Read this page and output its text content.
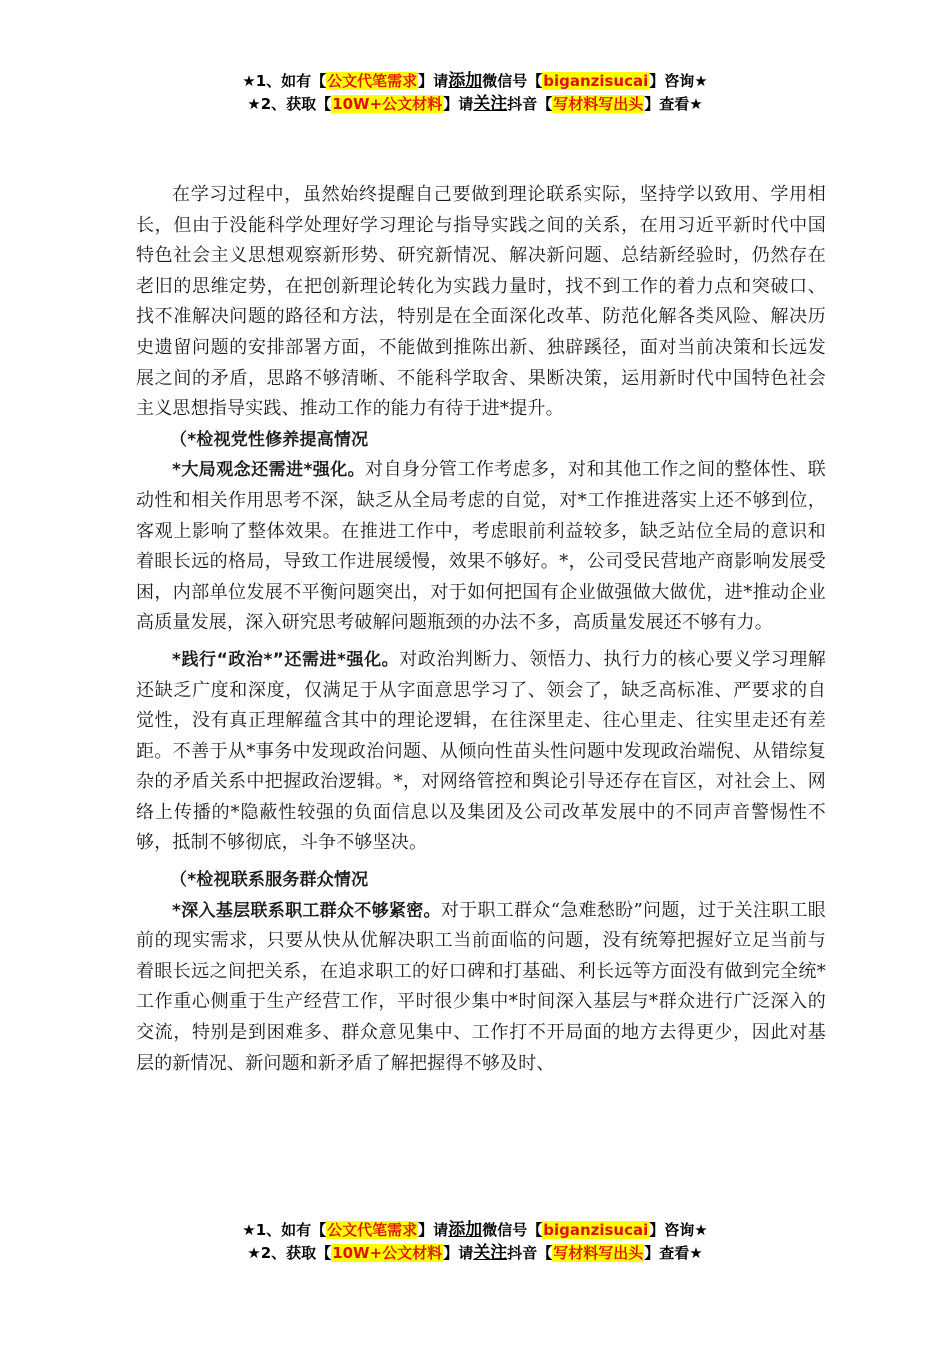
★1、如有【公文代笔需求】请添加微信号【biganzisucai】咨询★
★2、获取【10W+公文材料】请关注抖音【写材料写出头】查看★

在学习过程中，虽然始终提醒自己要做到理论联系实际，坚持学以致用、学用相长，但由于没能科学处理好学习理论与指导实践之间的关系，在用习近平新时代中国特色社会主义思想观察新形势、研究新情况、解决新问题、总结新经验时，仍然存在老旧的思维定势，在把创新理论转化为实践力量时，找不到工作的着力点和突破口、找不准解决问题的路径和方法，特别是在全面深化改革、防范化解各类风险、解决历史遗留问题的安排部署方面，不能做到推陈出新、独辟蹊径，面对当前决策和长远发展之间的矛盾，思路不够清晰、不能科学取舍、果断决策，运用新时代中国特色社会主义思想指导实践、推动工作的能力有待于进*提升。

（*检视党性修养提高情况

*大局观念还需进*强化。对自身分管工作考虑多，对和其他工作之间的整体性、联动性和相关作用思考不深，缺乏从全局考虑的自觉，对*工作推进落实上还不够到位，客观上影响了整体效果。在推进工作中，考虑眼前利益较多，缺乏站位全局的意识和着眼长远的格局，导致工作进展缓慢，效果不够好。*，公司受民营地产商影响发展受困，内部单位发展不平衡问题突出，对于如何把国有企业做强做大做优，进*推动企业高质量发展，深入研究思考破解问题瓶颈的办法不多，高质量发展还不够有力。

*践行“政治*”还需进*强化。对政治判断力、领悟力、执行力的核心要义学习理解还缺乏广度和深度，仅满足于从字面意思学习了、领会了，缺乏高标准、严要求的自觉性，没有真正理解蕴含其中的理论逻辑，在往深里走、往心里走、往实里走还有差距。不善于从*事务中发现政治问题、从倾向性苗头性问题中发现政治端倪、从错综复杂的矛盾关系中把握政治逻辑。*，对网络管控和舆论引导还存在盲区，对社会上、网络上传播的*隐蔽性较强的负面信息以及集团及公司改革发展中的不同声音警惕性不够，抵制不够彻底，斗争不够坚决。

（*检视联系服务群众情况

*深入基层联系职工群众不够紧密。对于职工群众“急难愁盼”问题，过于关注职工眼前的现实需求，只要从快从优解决职工当前面临的问题，没有统筹把握好立足当前与着眼长远之间把关系，在追求职工的好口碑和打基础、利长远等方面没有做到完全统*工作重心侧重于生产经营工作，平时很少集中*时间深入基层与*群众进行广泛深入的交流，特别是到困难多、群众意见集中、工作打不开局面的地方去得更少，因此对基层的新情况、新问题和新矛盾了解把握得不够及时、

★1、如有【公文代笔需求】请添加微信号【biganzisucai】咨询★
★2、获取【10W+公文材料】请关注抖音【写材料写出头】查看★
